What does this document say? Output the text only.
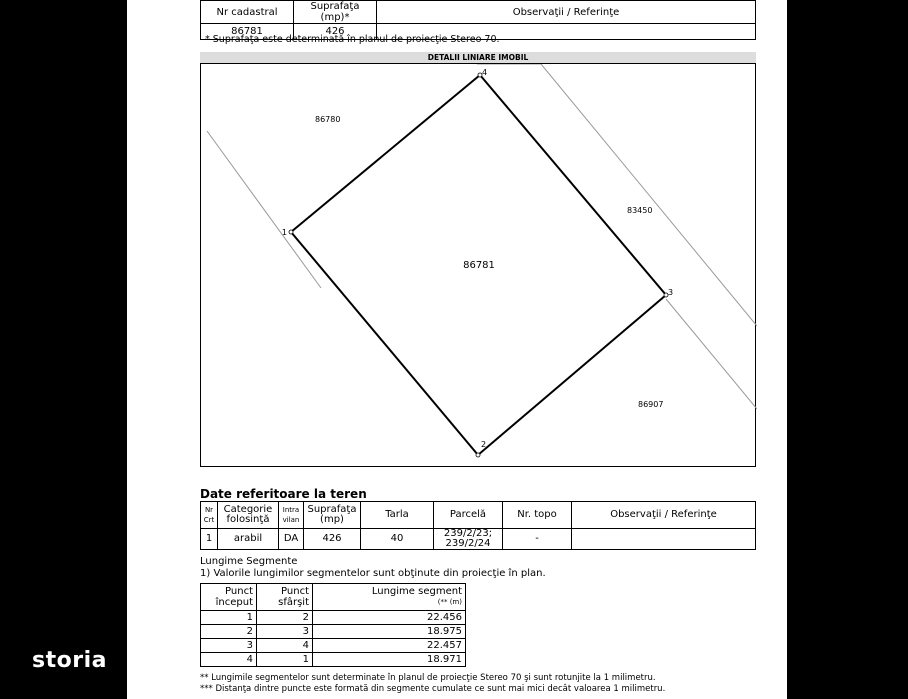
Nr cadastral	Suprafaţa (mp)*	Observaţii / Referinţe
86781	426	
* Suprafaţa este determinată în planul de proiecţie Stereo 70.
DETALII LINIARE IMOBIL
1
2
3
4
86781
86780
83450
86907
Date referitoare la teren
Nr Crt	Categorie folosinţă	Intra vilan	Suprafaţa (mp)	Tarla	Parcelă	Nr. topo	Observaţii / Referinţe
1	arabil	DA	426	40	239/2/23; 239/2/24	-	
Lungime Segmente
1) Valorile lungimilor segmentelor sunt obţinute din proiecţie în plan.
Punct început	Punct sfârşit	Lungime segment
(** (m)

1	2	22.456
2	3	18.975
3	4	22.457
4	1	18.971
** Lungimile segmentelor sunt determinate în planul de proiecţie Stereo 70 şi sunt rotunjite la 1 milimetru.
*** Distanţa dintre puncte este formată din segmente cumulate ce sunt mai mici decât valoarea 1 milimetru.
storia
